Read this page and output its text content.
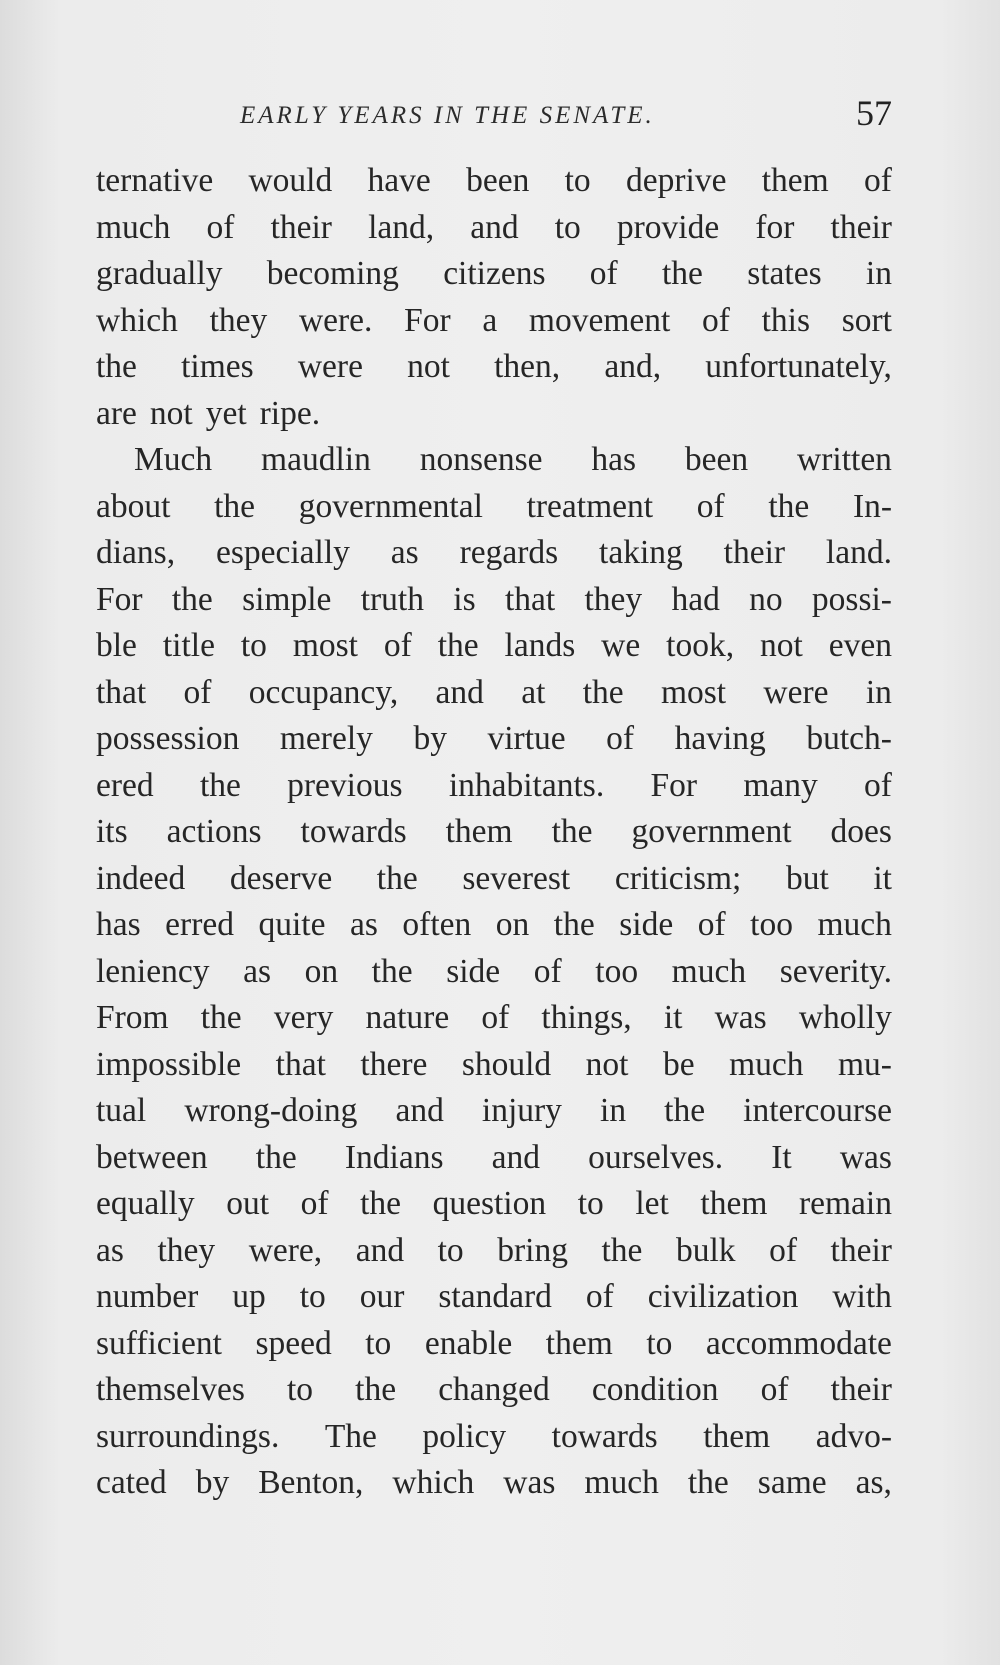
EARLY YEARS IN THE SENATE.	57
ternative would have been to deprive them of
much of their land, and to provide for their
gradually becoming citizens of the states in
which they were. For a movement of this sort
the times were not then, and, unfortunately,
are not yet ripe.
Much maudlin nonsense has been written
about the governmental treatment of the In-
dians, especially as regards taking their land.
For the simple truth is that they had no possi-
ble title to most of the lands we took, not even
that of occupancy, and at the most were in
possession merely by virtue of having butch-
ered the previous inhabitants. For many of
its actions towards them the government does
indeed deserve the severest criticism; but it
has erred quite as often on the side of too much
leniency as on the side of too much severity.
From the very nature of things, it was wholly
impossible that there should not be much mu-
tual wrong-doing and injury in the intercourse
between the Indians and ourselves. It was
equally out of the question to let them remain
as they were, and to bring the bulk of their
number up to our standard of civilization with
sufficient speed to enable them to accommodate
themselves to the changed condition of their
surroundings. The policy towards them advo-
cated by Benton, which was much the same as,
